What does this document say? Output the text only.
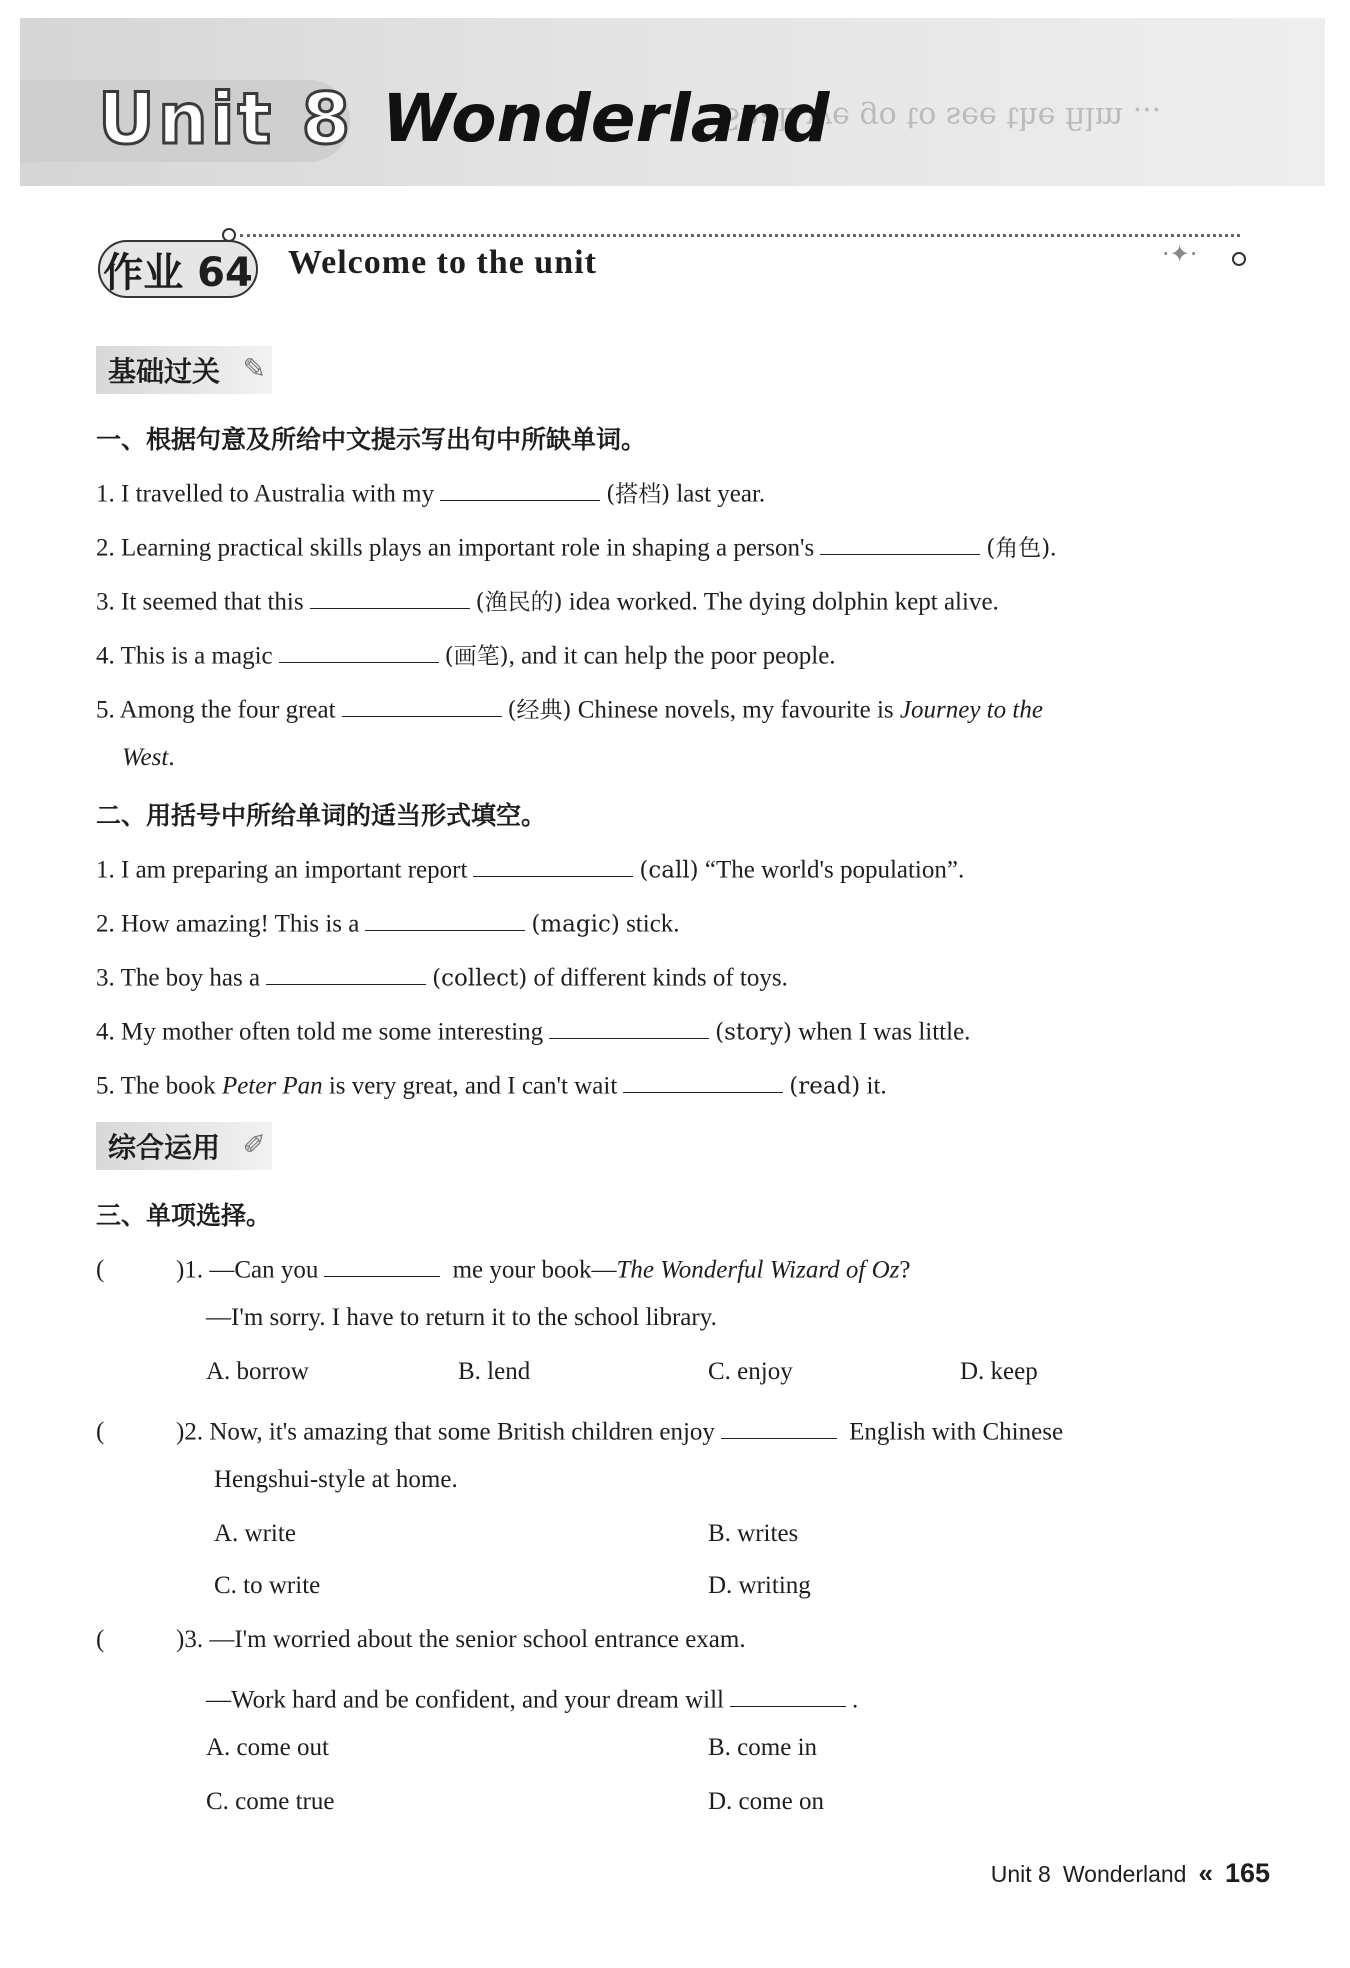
Shall we go to see the film ...
Unit 8 Wonderland
·✦·
作业 64 Welcome to the unit
基础过关 ✎
一、根据句意及所给中文提示写出句中所缺单词。
1. I travelled to Australia with my	(搭档) last year.
2. Learning practical skills plays an important role in shaping a person's	(角色).
3. It seemed that this	(渔民的) idea worked. The dying dolphin kept alive.
4. This is a magic	(画笔), and it can help the poor people.
5. Among the four great	(经典) Chinese novels, my favourite is Journey to the
West.
二、用括号中所给单词的适当形式填空。
1. I am preparing an important report	(call) “The world's population”.
2. How amazing! This is a	(magic) stick.
3. The boy has a	(collect) of different kinds of toys.
4. My mother often told me some interesting	(story) when I was little.
5. The book Peter Pan is very great, and I can't wait	(read) it.
综合运用 ✐
三、单项选择。
(	)1. —Can you	me your book—The Wonderful Wizard of Oz?
—I'm sorry. I have to return it to the school library.
A. borrow	B. lend	C. enjoy	D. keep
(	)2. Now, it's amazing that some British children enjoy	English with Chinese
Hengshui-style at home.
A. write	B. writes
C. to write	D. writing
(	)3. —I'm worried about the senior school entrance exam.
—Work hard and be confident, and your dream will	.
A. come out	B. come in
C. come true	D. come on
Unit 8 Wonderland « 165
